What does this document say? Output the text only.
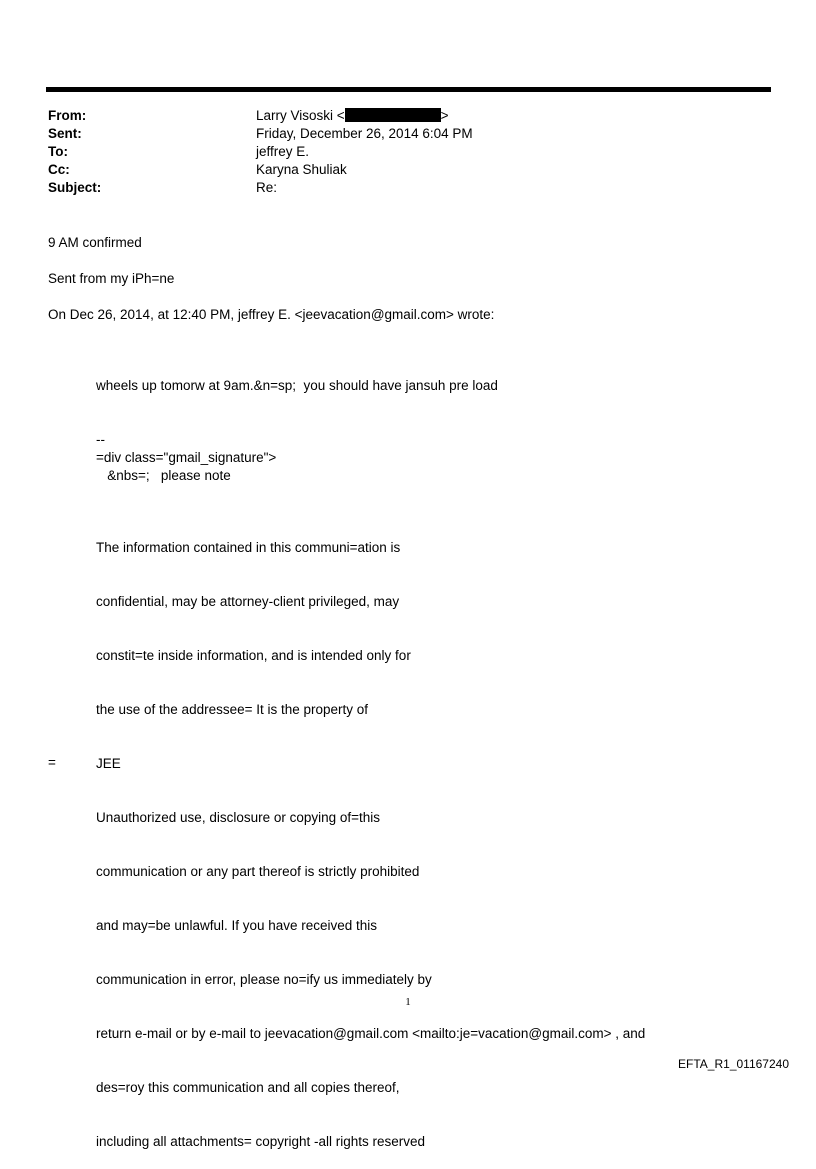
From:	Larry Visoski <	>
Sent:	Friday, December 26, 2014 6:04 PM
To:	jeffrey E.
Cc:	Karyna Shuliak
Subject:	Re:
9 AM confirmed
Sent from my iPh=ne
On Dec 26, 2014, at 12:40 PM, jeffrey E. <jeevacation@gmail.com> wrote:
wheels up tomorw at 9am.&n=sp;  you should have jansuh pre load
--
=div class="gmail_signature">
&nbs=;   please note

The information contained in this communi=ation is

confidential, may be attorney-client privileged, may

constit=te inside information, and is intended only for

the use of the addressee= It is the property of

JEE

Unauthorized use, disclosure or copying of=this

communication or any part thereof is strictly prohibited

and may=be unlawful. If you have received this

communication in error, please no=ify us immediately by

return e-mail or by e-mail to jeevacation@gmail.com <mailto:je=vacation@gmail.com> , and

des=roy this communication and all copies thereof,

including all attachments= copyright -all rights reserved

=
1
EFTA_R1_01167240
